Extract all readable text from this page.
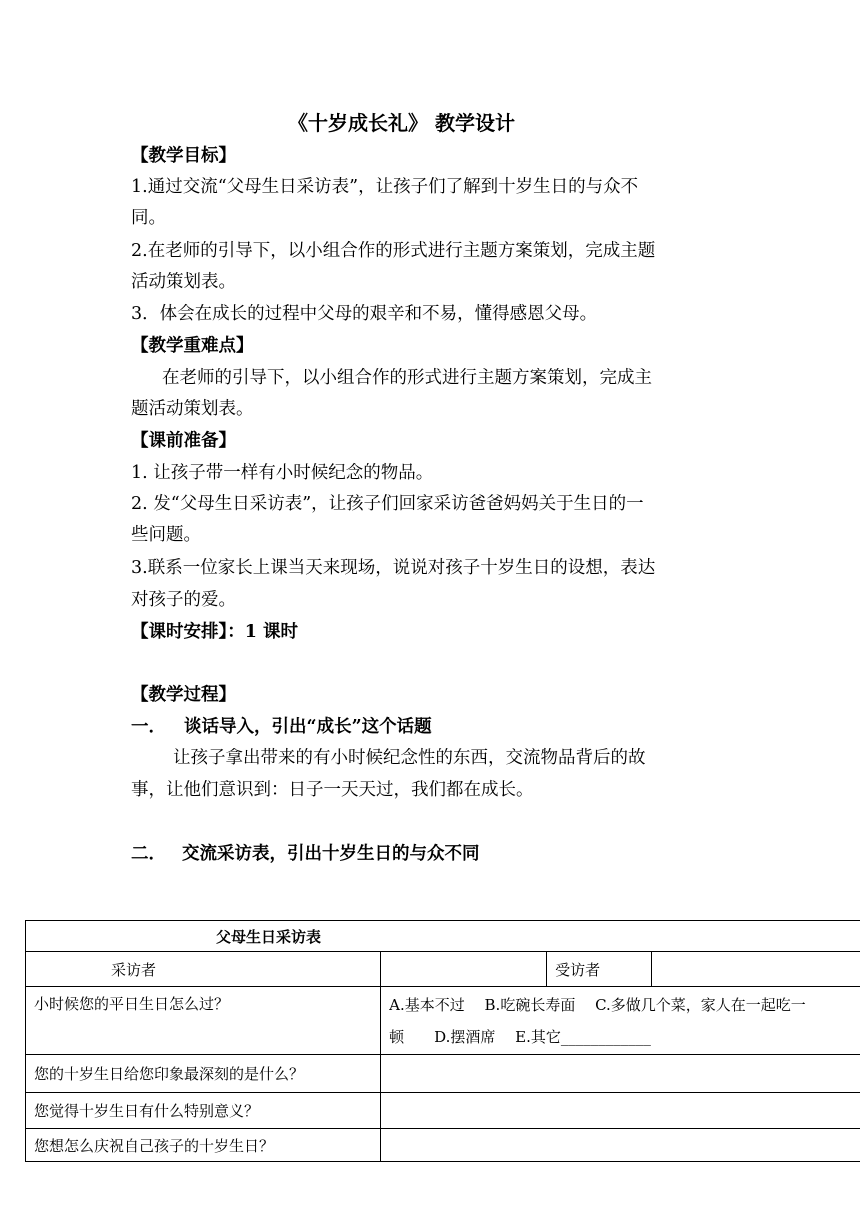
《十岁成长礼》 教学设计
【教学目标】
1.通过交流“父母生日采访表”，让孩子们了解到十岁生日的与众不
同。
2.在老师的引导下，以小组合作的形式进行主题方案策划，完成主题
活动策划表。
3．体会在成长的过程中父母的艰辛和不易，懂得感恩父母。
【教学重难点】
在老师的引导下，以小组合作的形式进行主题方案策划，完成主
题活动策划表。
【课前准备】
1. 让孩子带一样有小时候纪念的物品。
2. 发“父母生日采访表”，让孩子们回家采访爸爸妈妈关于生日的一
些问题。
3.联系一位家长上课当天来现场，说说对孩子十岁生日的设想，表达
对孩子的爱。
【课时安排】：1 课时
【教学过程】
一． 谈话导入，引出“成长”这个话题
让孩子拿出带来的有小时候纪念性的东西，交流物品背后的故
事，让他们意识到：日子一天天过，我们都在成长。
二． 交流采访表，引出十岁生日的与众不同
父母生日采访表			
采访者		受访者	
小时候您的平日生日怎么过？	A.基本不过　 B.吃碗长寿面　 C.多做几个菜，家人在一起吃一
顿　　D.摆酒席　 E.其它____________		

您的十岁生日给您印象最深刻的是什么？			
您觉得十岁生日有什么特别意义？			
您想怎么庆祝自己孩子的十岁生日？			
